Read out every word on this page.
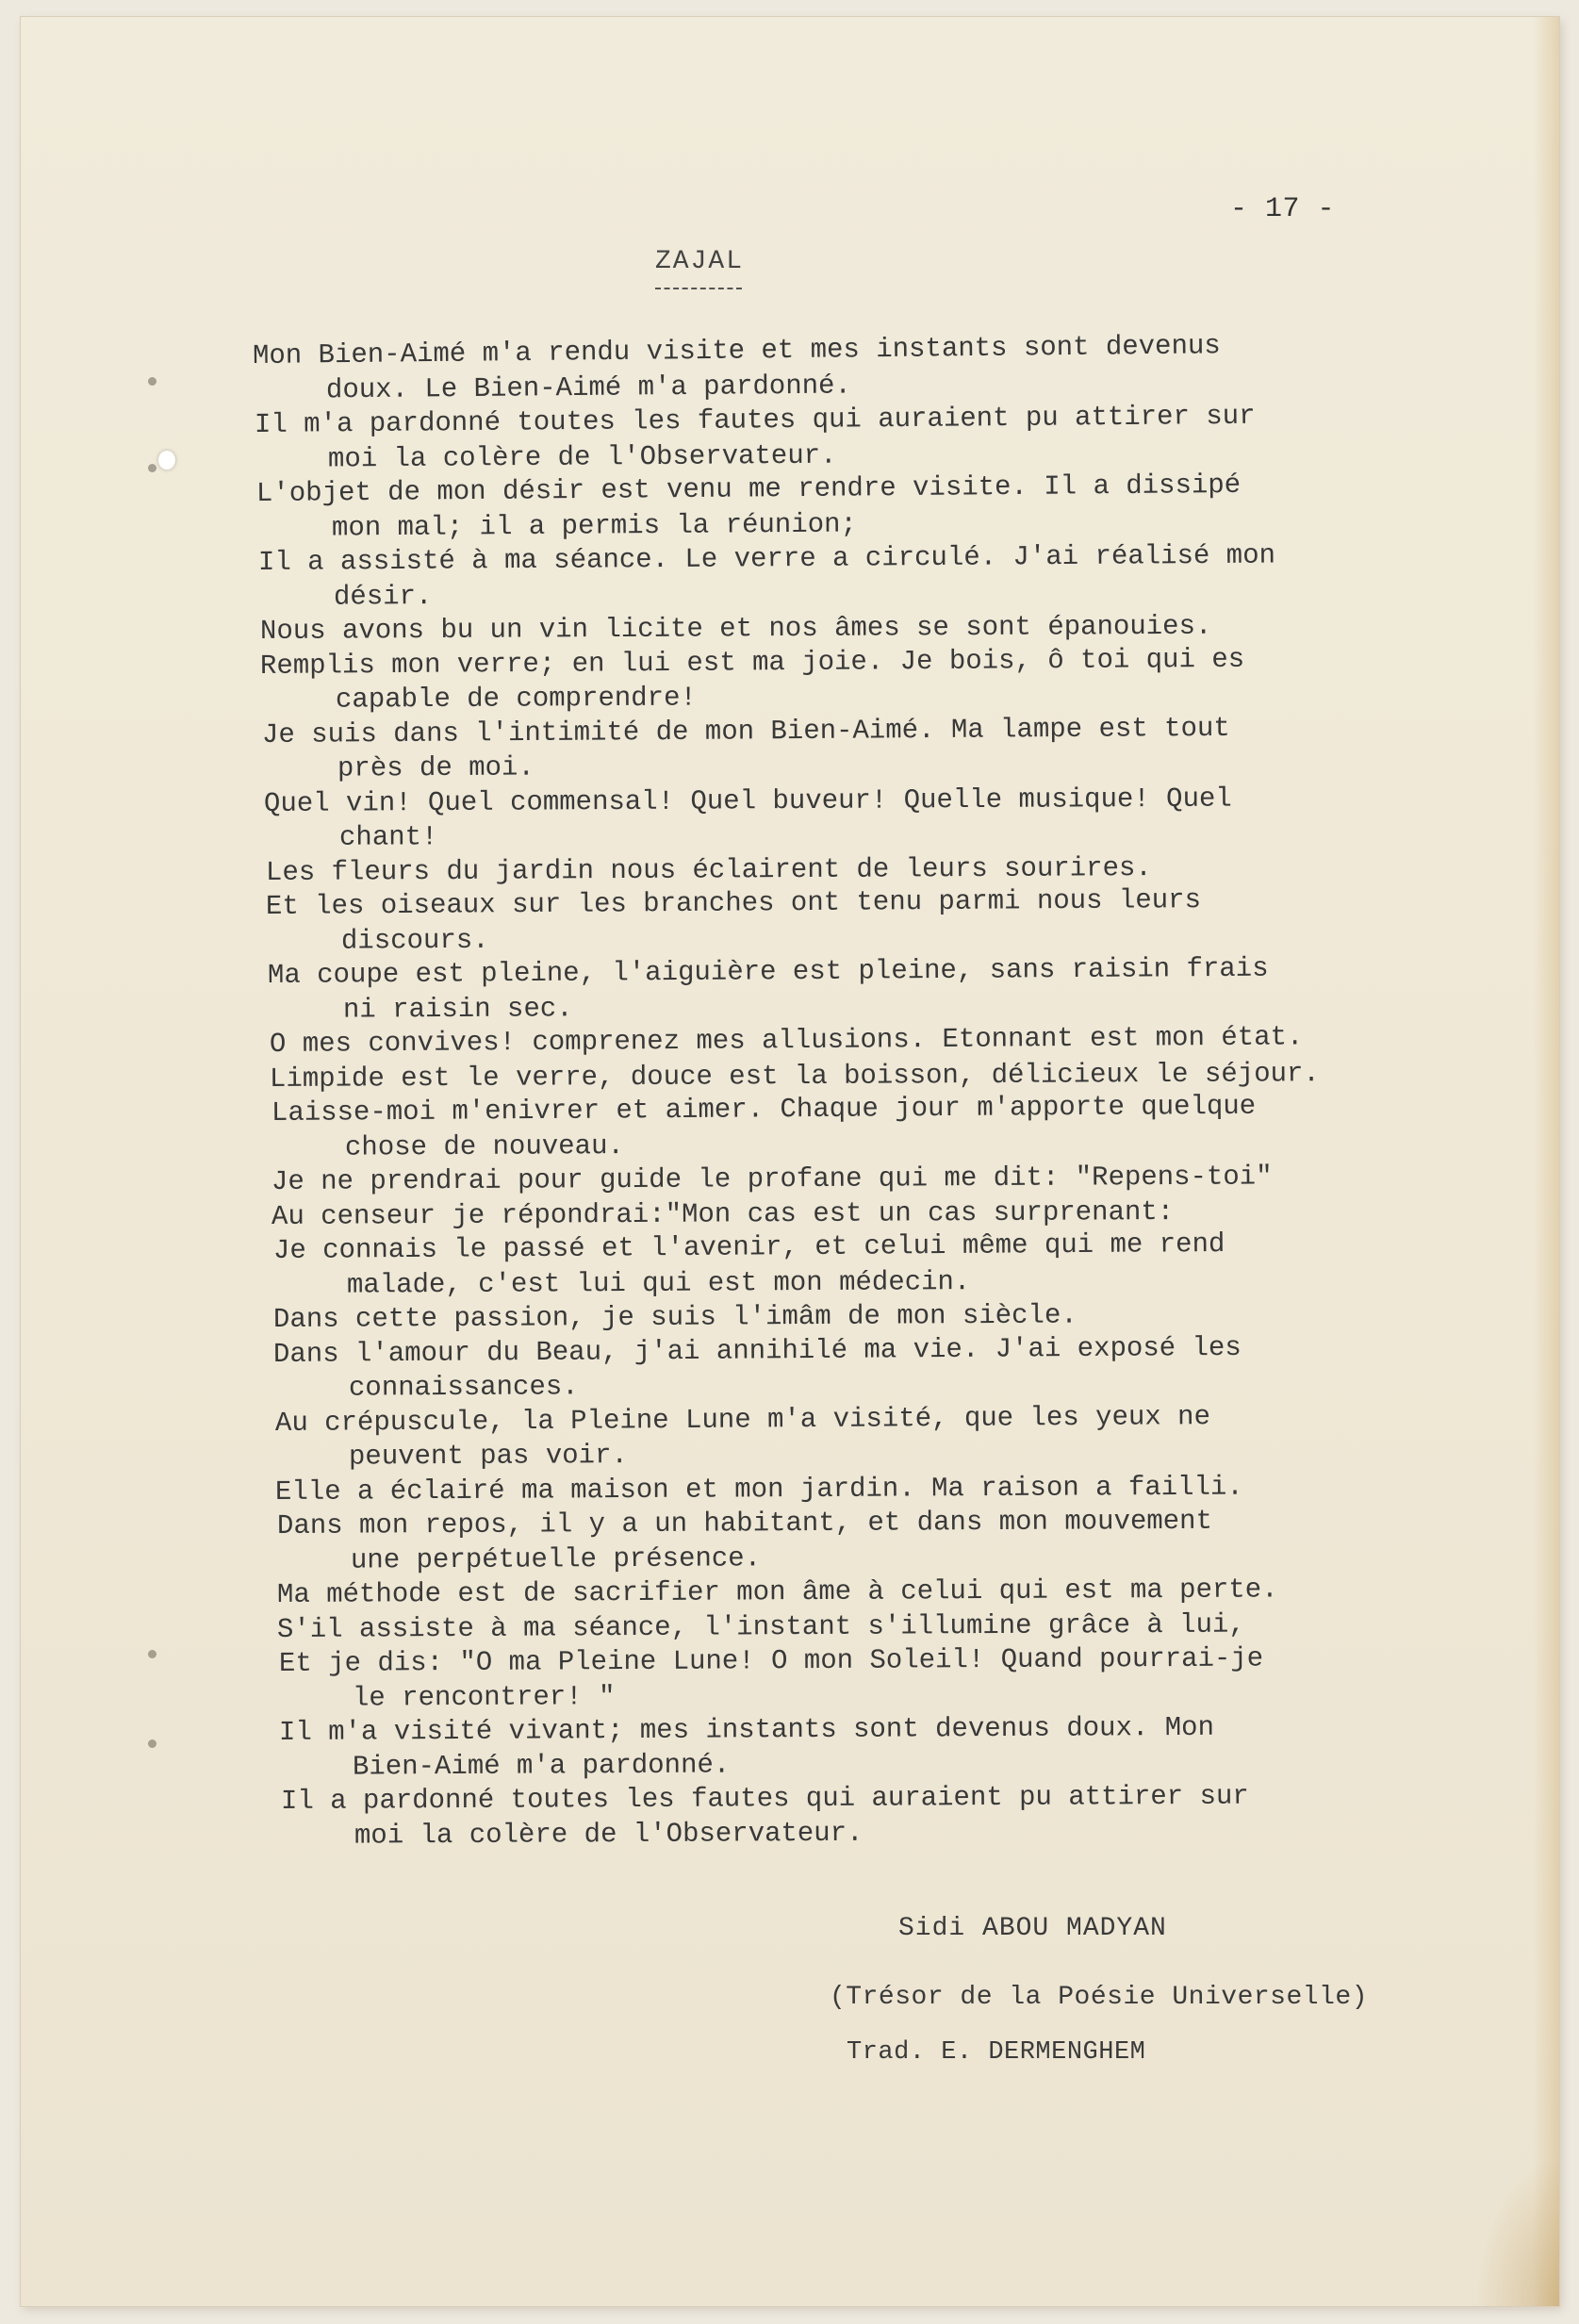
- 17 -
ZAJAL
Mon Bien-Aimé m'a rendu visite et mes instants sont devenus
doux. Le Bien-Aimé m'a pardonné.
Il m'a pardonné toutes les fautes qui auraient pu attirer sur
moi la colère de l'Observateur.
L'objet de mon désir est venu me rendre visite. Il a dissipé
mon mal; il a permis la réunion;
Il a assisté à ma séance. Le verre a circulé. J'ai réalisé mon
désir.
Nous avons bu un vin licite et nos âmes se sont épanouies.
Remplis mon verre; en lui est ma joie. Je bois, ô toi qui es
capable de comprendre!
Je suis dans l'intimité de mon Bien-Aimé. Ma lampe est tout
près de moi.
Quel vin! Quel commensal! Quel buveur! Quelle musique! Quel
chant!
Les fleurs du jardin nous éclairent de leurs sourires.
Et les oiseaux sur les branches ont tenu parmi nous leurs
discours.
Ma coupe est pleine, l'aiguière est pleine, sans raisin frais
ni raisin sec.
O mes convives! comprenez mes allusions. Etonnant est mon état.
Limpide est le verre, douce est la boisson, délicieux le séjour.
Laisse-moi m'enivrer et aimer. Chaque jour m'apporte quelque
chose de nouveau.
Je ne prendrai pour guide le profane qui me dit: "Repens-toi"
Au censeur je répondrai:"Mon cas est un cas surprenant:
Je connais le passé et l'avenir, et celui même qui me rend
malade, c'est lui qui est mon médecin.
Dans cette passion, je suis l'imâm de mon siècle.
Dans l'amour du Beau, j'ai annihilé ma vie. J'ai exposé les
connaissances.
Au crépuscule, la Pleine Lune m'a visité, que les yeux ne
peuvent pas voir.
Elle a éclairé ma maison et mon jardin. Ma raison a failli.
Dans mon repos, il y a un habitant, et dans mon mouvement
une perpétuelle présence.
Ma méthode est de sacrifier mon âme à celui qui est ma perte.
S'il assiste à ma séance, l'instant s'illumine grâce à lui,
Et je dis: "O ma Pleine Lune! O mon Soleil! Quand pourrai-je
le rencontrer! "
Il m'a visité vivant; mes instants sont devenus doux. Mon
Bien-Aimé m'a pardonné.
Il a pardonné toutes les fautes qui auraient pu attirer sur
moi la colère de l'Observateur.
Sidi ABOU MADYAN
(Trésor de la Poésie Universelle)
Trad. E. DERMENGHEM
